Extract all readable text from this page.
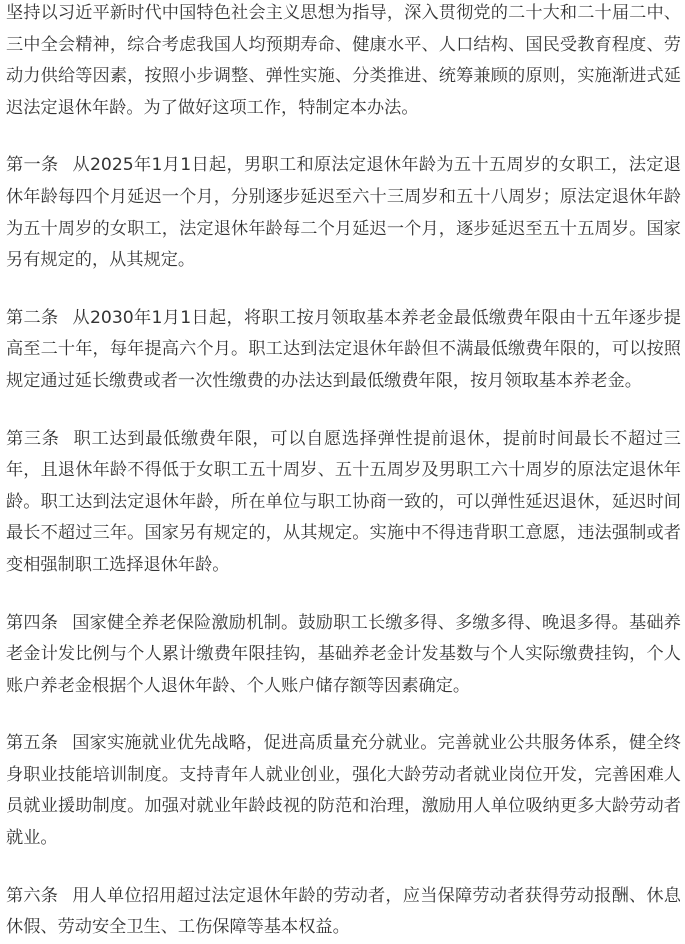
坚持以习近平新时代中国特色社会主义思想为指导，深入贯彻党的二十大和二十届二中、三中全会精神，综合考虑我国人均预期寿命、健康水平、人口结构、国民受教育程度、劳动力供给等因素，按照小步调整、弹性实施、分类推进、统筹兼顾的原则，实施渐进式延迟法定退休年龄。为了做好这项工作，特制定本办法。

第一条 从2025年1月1日起，男职工和原法定退休年龄为五十五周岁的女职工，法定退休年龄每四个月延迟一个月，分别逐步延迟至六十三周岁和五十八周岁；原法定退休年龄为五十周岁的女职工，法定退休年龄每二个月延迟一个月，逐步延迟至五十五周岁。国家另有规定的，从其规定。

第二条 从2030年1月1日起，将职工按月领取基本养老金最低缴费年限由十五年逐步提高至二十年，每年提高六个月。职工达到法定退休年龄但不满最低缴费年限的，可以按照规定通过延长缴费或者一次性缴费的办法达到最低缴费年限，按月领取基本养老金。

第三条 职工达到最低缴费年限，可以自愿选择弹性提前退休，提前时间最长不超过三年，且退休年龄不得低于女职工五十周岁、五十五周岁及男职工六十周岁的原法定退休年龄。职工达到法定退休年龄，所在单位与职工协商一致的，可以弹性延迟退休，延迟时间最长不超过三年。国家另有规定的，从其规定。实施中不得违背职工意愿，违法强制或者变相强制职工选择退休年龄。

第四条 国家健全养老保险激励机制。鼓励职工长缴多得、多缴多得、晚退多得。基础养老金计发比例与个人累计缴费年限挂钩，基础养老金计发基数与个人实际缴费挂钩，个人账户养老金根据个人退休年龄、个人账户储存额等因素确定。

第五条 国家实施就业优先战略，促进高质量充分就业。完善就业公共服务体系，健全终身职业技能培训制度。支持青年人就业创业，强化大龄劳动者就业岗位开发，完善困难人员就业援助制度。加强对就业年龄歧视的防范和治理，激励用人单位吸纳更多大龄劳动者就业。

第六条 用人单位招用超过法定退休年龄的劳动者，应当保障劳动者获得劳动报酬、休息休假、劳动安全卫生、工伤保障等基本权益。
